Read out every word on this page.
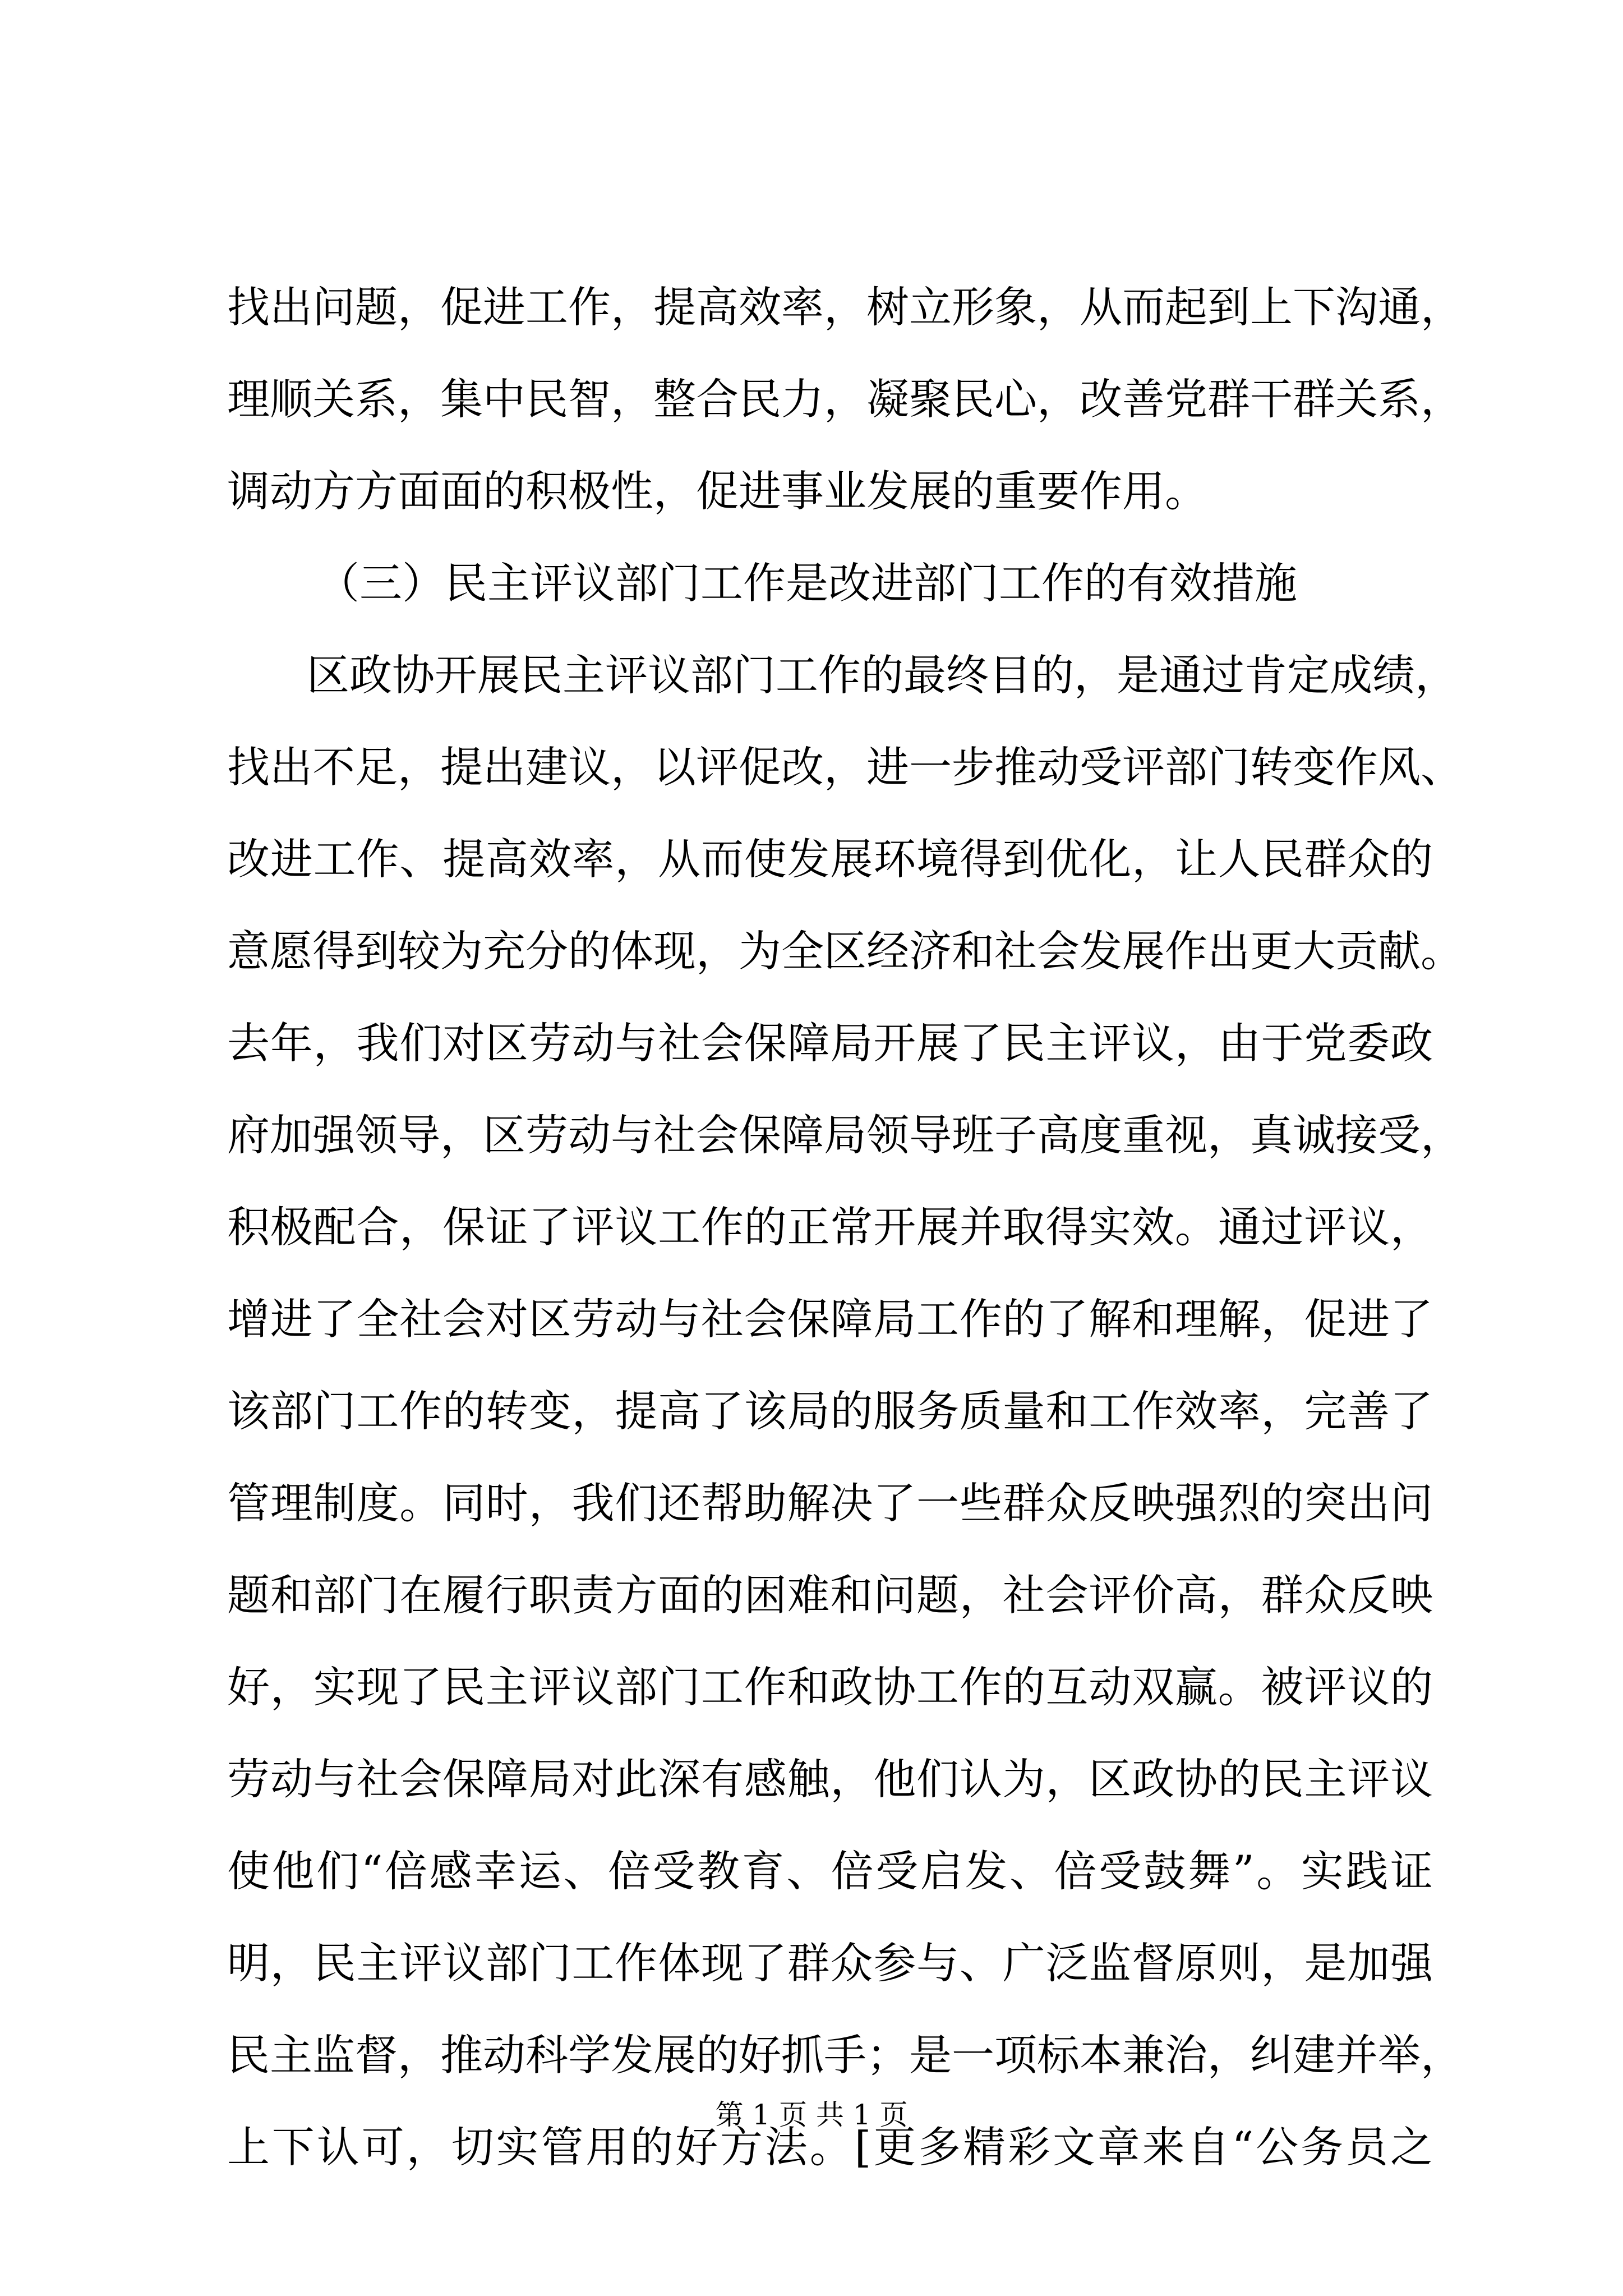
找出问题，促进工作，提高效率，树立形象，从而起到上下沟通，
理顺关系，集中民智，整合民力，凝聚民心，改善党群干群关系，
调动方方面面的积极性，促进事业发展的重要作用。
（三）民主评议部门工作是改进部门工作的有效措施
区政协开展民主评议部门工作的最终目的，是通过肯定成绩，
找出不足，提出建议，以评促改，进一步推动受评部门转变作风、
改进工作、提高效率，从而使发展环境得到优化，让人民群众的
意愿得到较为充分的体现，为全区经济和社会发展作出更大贡献。
去年，我们对区劳动与社会保障局开展了民主评议，由于党委政
府加强领导，区劳动与社会保障局领导班子高度重视，真诚接受，
积极配合，保证了评议工作的正常开展并取得实效。通过评议，
增进了全社会对区劳动与社会保障局工作的了解和理解，促进了
该部门工作的转变，提高了该局的服务质量和工作效率，完善了
管理制度。同时，我们还帮助解决了一些群众反映强烈的突出问
题和部门在履行职责方面的困难和问题，社会评价高，群众反映
好，实现了民主评议部门工作和政协工作的互动双赢。被评议的
劳动与社会保障局对此深有感触，他们认为，区政协的民主评议
使他们“倍感幸运、倍受教育、倍受启发、倍受鼓舞”。实践证
明，民主评议部门工作体现了群众参与、广泛监督原则，是加强
民主监督，推动科学发展的好抓手；是一项标本兼治，纠建并举，
上下认可，切实管用的好方法。[更多精彩文章来自“公务员之
第 1 页 共 1 页
